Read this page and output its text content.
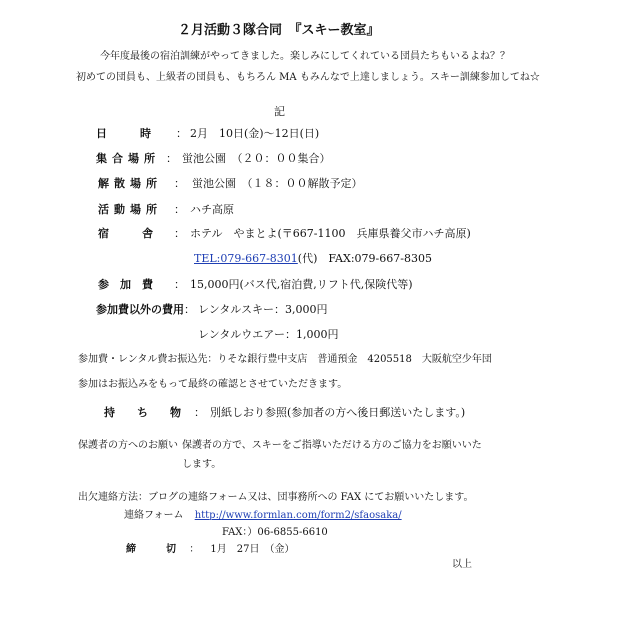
２月活動３隊合同　『スキー教室』
今年度最後の宿泊訓練がやってきました。楽しみにしてくれている団員たちもいるよね？？
初めての団員も、上級者の団員も、もちろん MA もみんなで上達しましょう。スキー訓練参加してね☆
記
日　　　時 ： 2月　10日(金)〜12日(日)
集合場所 ： 蛍池公園　（２０：００集合）
解散場所 ： 蛍池公園　（１８：００解散予定）
活動場所 ： ハチ高原
宿　　　舎 ： ホテル　やまとよ(〒667-1100　兵庫県養父市ハチ高原)
TEL:079-667-8301(代)　FAX:079-667-8305
参　加　費 ： 15,000円(バス代,宿泊費,リフト代,保険代等)
参加費以外の費用 ： レンタルスキー：3,000円
レンタルウエアー：1,000円
参加費・レンタル費お振込先：りそな銀行豊中支店　普通預金　4205518　大阪航空少年団
参加はお振込みをもって最終の確認とさせていただきます。
持　　ち　　物 ： 別紙しおり参照(参加者の方へ後日郵送いたします。)
保護者の方へのお願い 保護者の方で、スキーをご指導いただける方のご協力をお願いいた
します。
出欠連絡方法：ブログの連絡フォーム又は、団事務所への FAX にてお願いいたします。
連絡フォーム http://www.formlan.com/form2/sfaosaka/
FAX：）06-6855-6610
締　　　切 ： 1月　27日　（金）
以上
